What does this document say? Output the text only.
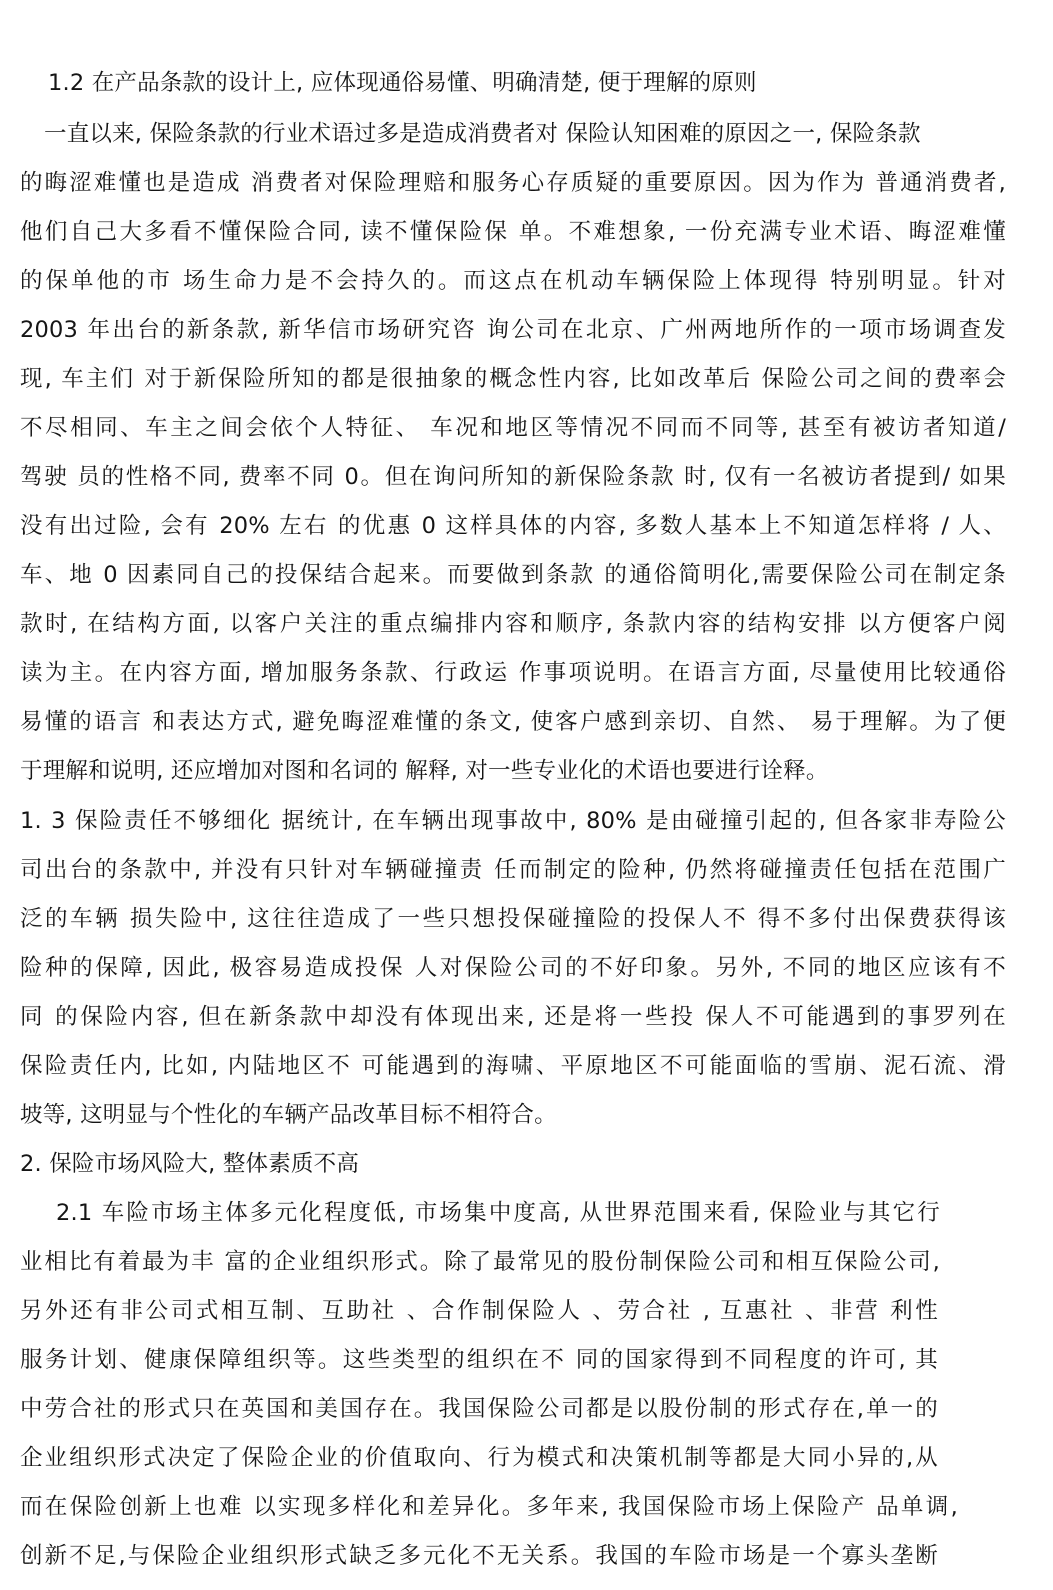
1.2 在产品条款的设计上, 应体现通俗易懂、明确清楚, 便于理解的原则
一直以来, 保险条款的行业术语过多是造成消费者对 保险认知困难的原因之一, 保险条款
的晦涩难懂也是造成 消费者对保险理赔和服务心存质疑的重要原因。因为作为 普通消费者,
他们自己大多看不懂保险合同, 读不懂保险保 单。不难想象, 一份充满专业术语、晦涩难懂
的保单他的市 场生命力是不会持久的。而这点在机动车辆保险上体现得 特别明显。针对
2003 年出台的新条款, 新华信市场研究咨 询公司在北京、广州两地所作的一项市场调查发
现, 车主们 对于新保险所知的都是很抽象的概念性内容, 比如改革后 保险公司之间的费率会
不尽相同、车主之间会依个人特征、 车况和地区等情况不同而不同等, 甚至有被访者知道/
驾驶 员的性格不同, 费率不同 0。但在询问所知的新保险条款 时, 仅有一名被访者提到/ 如果
没有出过险, 会有 20% 左右 的优惠 0 这样具体的内容, 多数人基本上不知道怎样将 / 人、
车、地 0 因素同自己的投保结合起来。而要做到条款 的通俗简明化,需要保险公司在制定条
款时, 在结构方面, 以客户关注的重点编排内容和顺序, 条款内容的结构安排 以方便客户阅
读为主。在内容方面, 增加服务条款、行政运 作事项说明。在语言方面, 尽量使用比较通俗
易懂的语言 和表达方式, 避免晦涩难懂的条文, 使客户感到亲切、自然、 易于理解。为了便
于理解和说明, 还应增加对图和名词的 解释, 对一些专业化的术语也要进行诠释。
1. 3 保险责任不够细化 据统计, 在车辆出现事故中, 80% 是由碰撞引起的, 但各家非寿险公
司出台的条款中, 并没有只针对车辆碰撞责 任而制定的险种, 仍然将碰撞责任包括在范围广
泛的车辆 损失险中, 这往往造成了一些只想投保碰撞险的投保人不 得不多付出保费获得该
险种的保障, 因此, 极容易造成投保 人对保险公司的不好印象。另外, 不同的地区应该有不
同 的保险内容, 但在新条款中却没有体现出来, 还是将一些投 保人不可能遇到的事罗列在
保险责任内, 比如, 内陆地区不 可能遇到的海啸、平原地区不可能面临的雪崩、泥石流、滑
坡等, 这明显与个性化的车辆产品改革目标不相符合。
2. 保险市场风险大, 整体素质不高
2.1 车险市场主体多元化程度低, 市场集中度高, 从世界范围来看, 保险业与其它行
业相比有着最为丰 富的企业组织形式。除了最常见的股份制保险公司和相互保险公司,
另外还有非公司式相互制、互助社 、合作制保险人 、劳合社 , 互惠社 、非营 利性
服务计划、健康保障组织等。这些类型的组织在不 同的国家得到不同程度的许可, 其
中劳合社的形式只在英国和美国存在。我国保险公司都是以股份制的形式存在,单一的
企业组织形式决定了保险企业的价值取向、行为模式和决策机制等都是大同小异的,从
而在保险创新上也难 以实现多样化和差异化。多年来, 我国保险市场上保险产 品单调,
创新不足,与保险企业组织形式缺乏多元化不无关系。我国的车险市场是一个寡头垄断
